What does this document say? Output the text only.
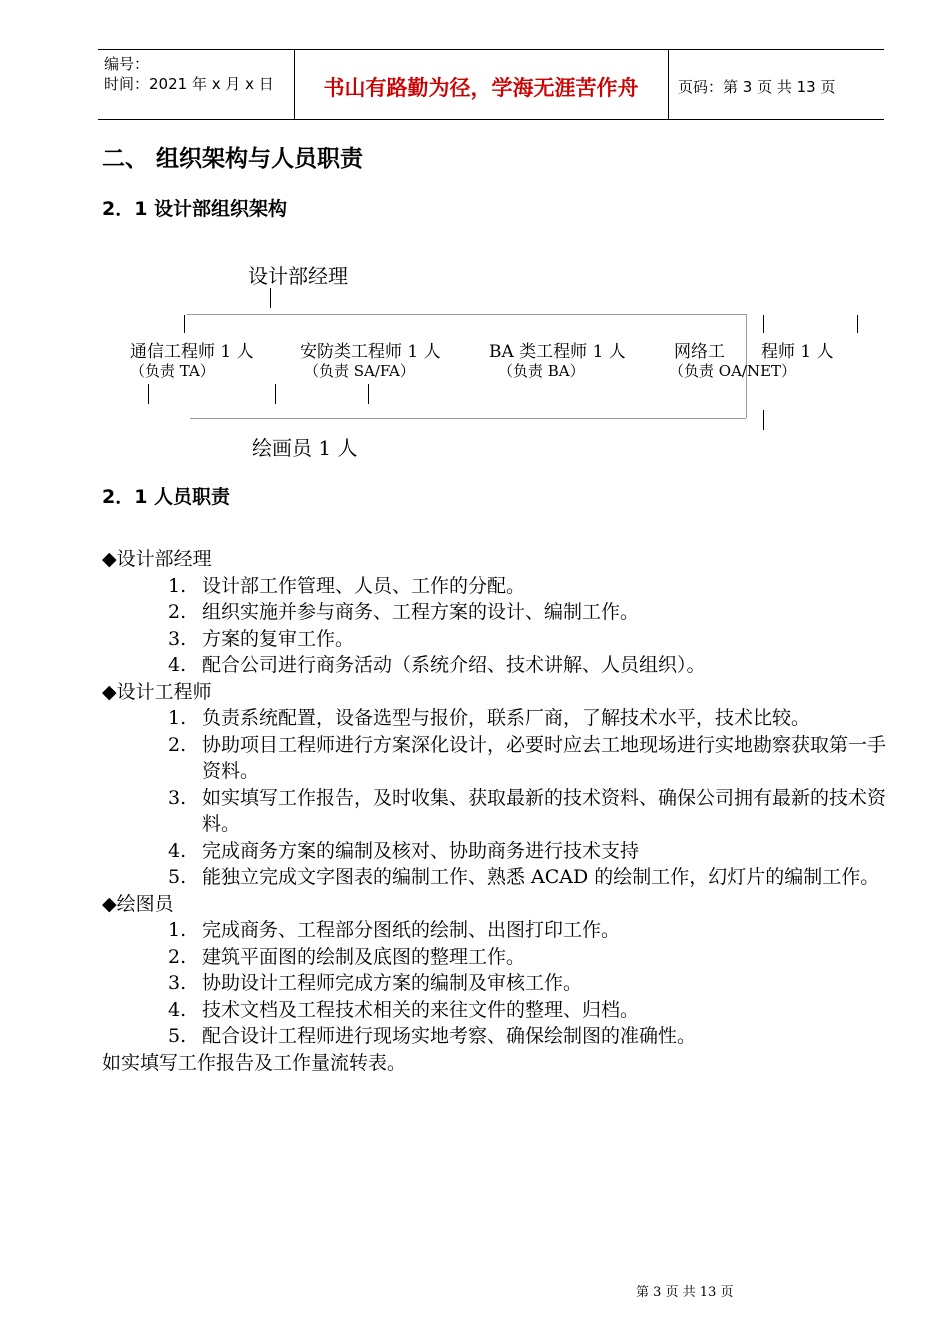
编号：
时间：2021 年 x 月 x 日	书山有路勤为径，学海无涯苦作舟	页码：第 3 页 共 13 页
二、 组织架构与人员职责
2．1 设计部组织架构
设计部经理
通信工程师 1 人
（负责 TA）
安防类工程师 1 人
（负责 SA/FA）
BA 类工程师 1 人
（负责 BA）
网络工 程师 1 人
（负责 OA/NET）
绘画员 1 人
2．1 人员职责

◆设计部经理

1. 设计部工作管理、人员、工作的分配。
2. 组织实施并参与商务、工程方案的设计、编制工作。
3. 方案的复审工作。
4. 配合公司进行商务活动（系统介绍、技术讲解、人员组织）。

◆设计工程师

1. 负责系统配置，设备选型与报价，联系厂商，了解技术水平，技术比较。
2. 协助项目工程师进行方案深化设计，必要时应去工地现场进行实地勘察获取第一手资料。
3. 如实填写工作报告，及时收集、获取最新的技术资料、确保公司拥有最新的技术资料。
4. 完成商务方案的编制及核对、协助商务进行技术支持
5. 能独立完成文字图表的编制工作、熟悉 ACAD 的绘制工作，幻灯片的编制工作。

◆绘图员

1. 完成商务、工程部分图纸的绘制、出图打印工作。
2. 建筑平面图的绘制及底图的整理工作。
3. 协助设计工程师完成方案的编制及审核工作。
4. 技术文档及工程技术相关的来往文件的整理、归档。
5. 配合设计工程师进行现场实地考察、确保绘制图的准确性。

如实填写工作报告及工作量流转表。

第 3 页 共 13 页
